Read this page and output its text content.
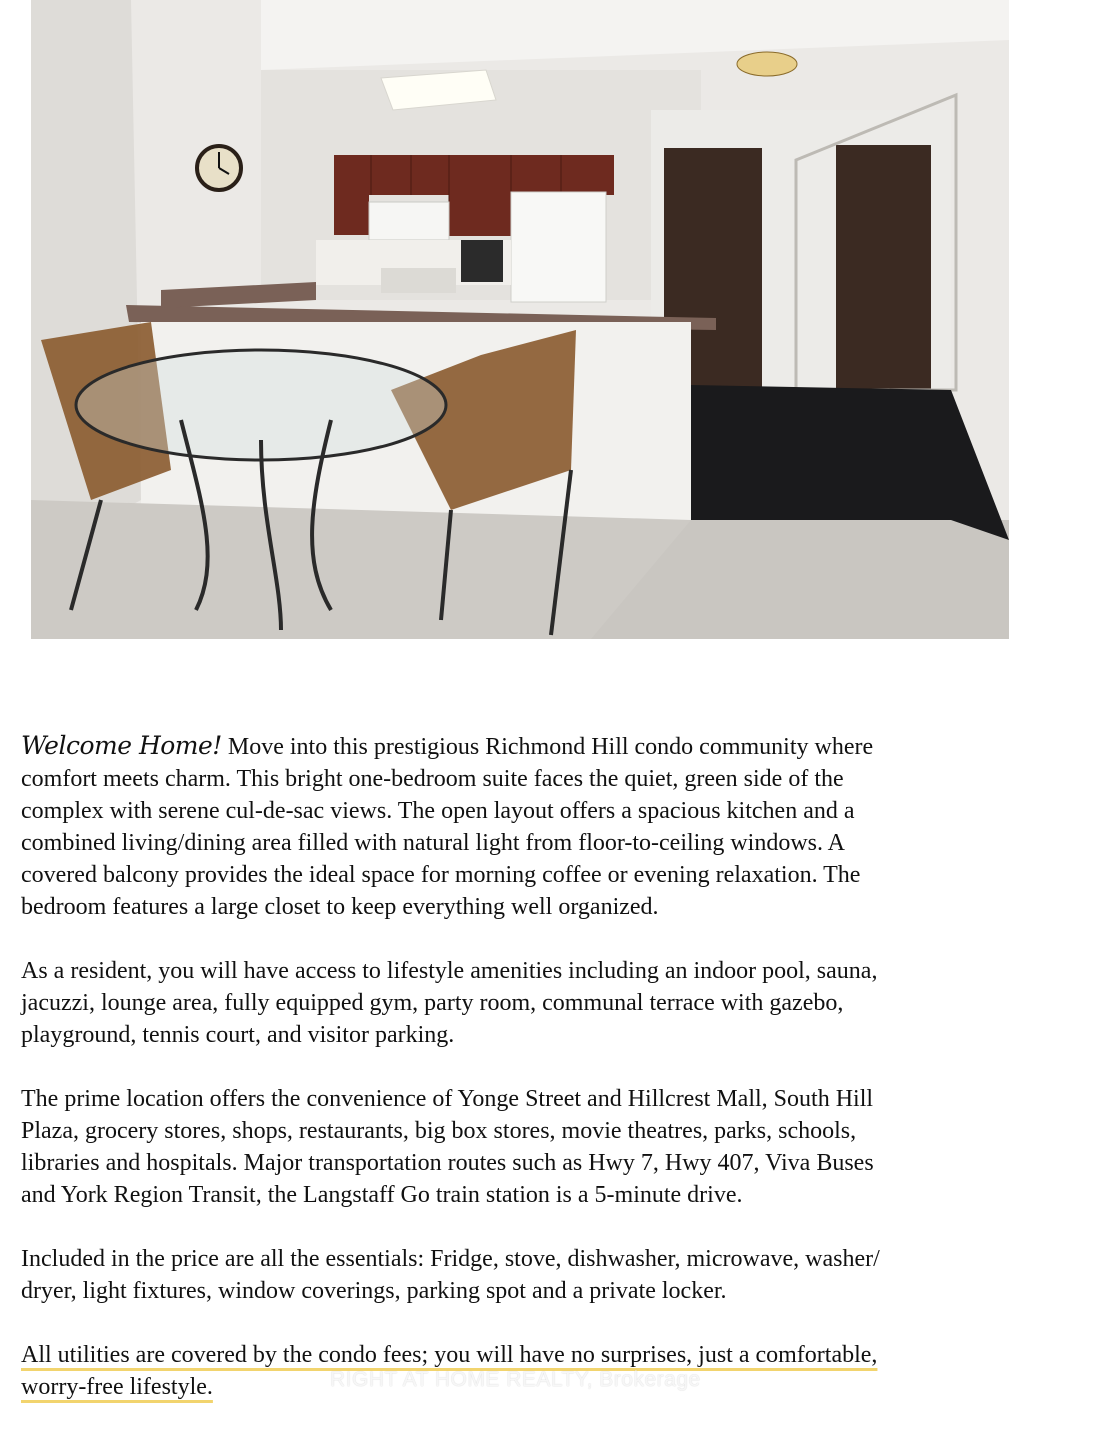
Welcome Home! Move into this prestigious Richmond Hill condo community where
comfort meets charm. This bright one-bedroom suite faces the quiet, green side of the
complex with serene cul-de-sac views. The open layout offers a spacious kitchen and a
combined living/dining area filled with natural light from floor-to-ceiling windows. A
covered balcony provides the ideal space for morning coffee or evening relaxation. The
bedroom features a large closet to keep everything well organized.

As a resident, you will have access to lifestyle amenities including an indoor pool, sauna,
jacuzzi, lounge area, fully equipped gym, party room, communal terrace with gazebo,
playground, tennis court, and visitor parking.

The prime location offers the convenience of Yonge Street and Hillcrest Mall, South Hill
Plaza, grocery stores, shops, restaurants, big box stores, movie theatres, parks, schools,
libraries and hospitals. Major transportation routes such as Hwy 7, Hwy 407, Viva Buses
and York Region Transit, the Langstaff Go train station is a 5-minute drive.

Included in the price are all the essentials: Fridge, stove, dishwasher, microwave, washer/
dryer, light fixtures, window coverings, parking spot and a private locker.

All utilities are covered by the condo fees; you will have no surprises, just a comfortable,
worry-free lifestyle.	RIGHT AT HOME REALTY, Brokerage
